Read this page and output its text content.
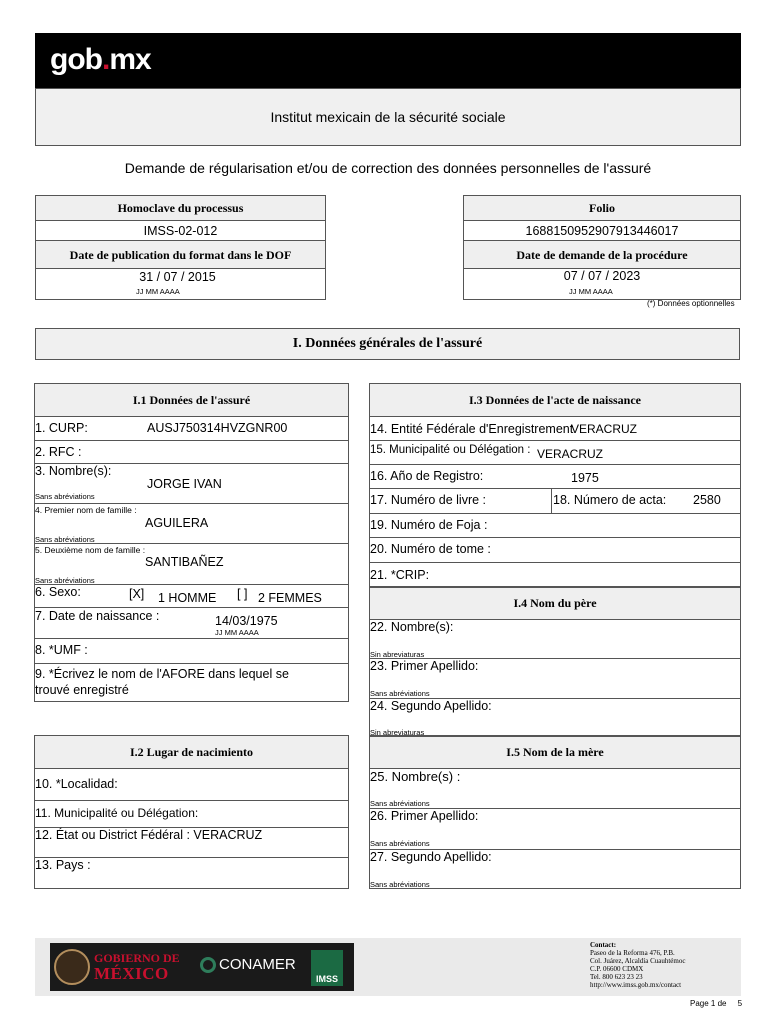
gob.mx
Institut mexicain de la sécurité sociale
Demande de régularisation et/ou de correction des données personnelles de l'assuré
Homoclave du processus
IMSS-02-012
Date de publication du format dans le DOF
31 / 07 / 2015
JJ MM AAAA
Folio
1688150952907913446017
Date de demande de la procédure
07 / 07 / 2023
JJ MM AAAA
(*) Données optionnelles
I. Données générales de l'assuré
I.1 Données de l'assuré
1. CURP:	AUSJ750314HVZGNR00
2. RFC :
3. Nombre(s):
JORGE IVAN
Sans abréviations
4. Premier nom de famille :
AGUILERA
Sans abréviations
5. Deuxième nom de famille :
SANTIBAÑEZ
Sans abréviations
6. Sexo:	[X] 1 HOMME [ ] 2 FEMMES
7. Date de naissance :	14/03/1975
JJ MM AAAA
8. *UMF :
9. *Écrivez le nom de l'AFORE dans lequel se
trouvé enregistré
I.2 Lugar de nacimiento
10. *Localidad:
11. Municipalité ou Délégation:
12. État ou District Fédéral : VERACRUZ
13. Pays :
I.3 Données de l'acte de naissance
14. Entité Fédérale d'Enregistrement
VERACRUZ
15. Municipalité ou Délégation : VERACRUZ
16. Año de Registro:	1975
17. Numéro de livre :	18. Número de acta: 2580
19. Numéro de Foja :
20. Numéro de tome :
21. *CRIP:
I.4 Nom du père
22. Nombre(s):
Sin abreviaturas
23. Primer Apellido:
Sans abréviations
24. Segundo Apellido:
Sin abreviaturas
I.5 Nom de la mère
25. Nombre(s) :
Sans abréviations
26. Primer Apellido:
Sans abréviations
27. Segundo Apellido:
Sans abréviations
GOBIERNO DE
MÉXICO	CONAMER
IMSS
Contact:
Paseo de la Reforma 476, P.B.
Col. Juárez, Alcaldía Cuauhtémoc
C.P. 06600 CDMX
Tel. 800 623 23 23
http://www.imss.gob.mx/contact
Page 1 de     5
